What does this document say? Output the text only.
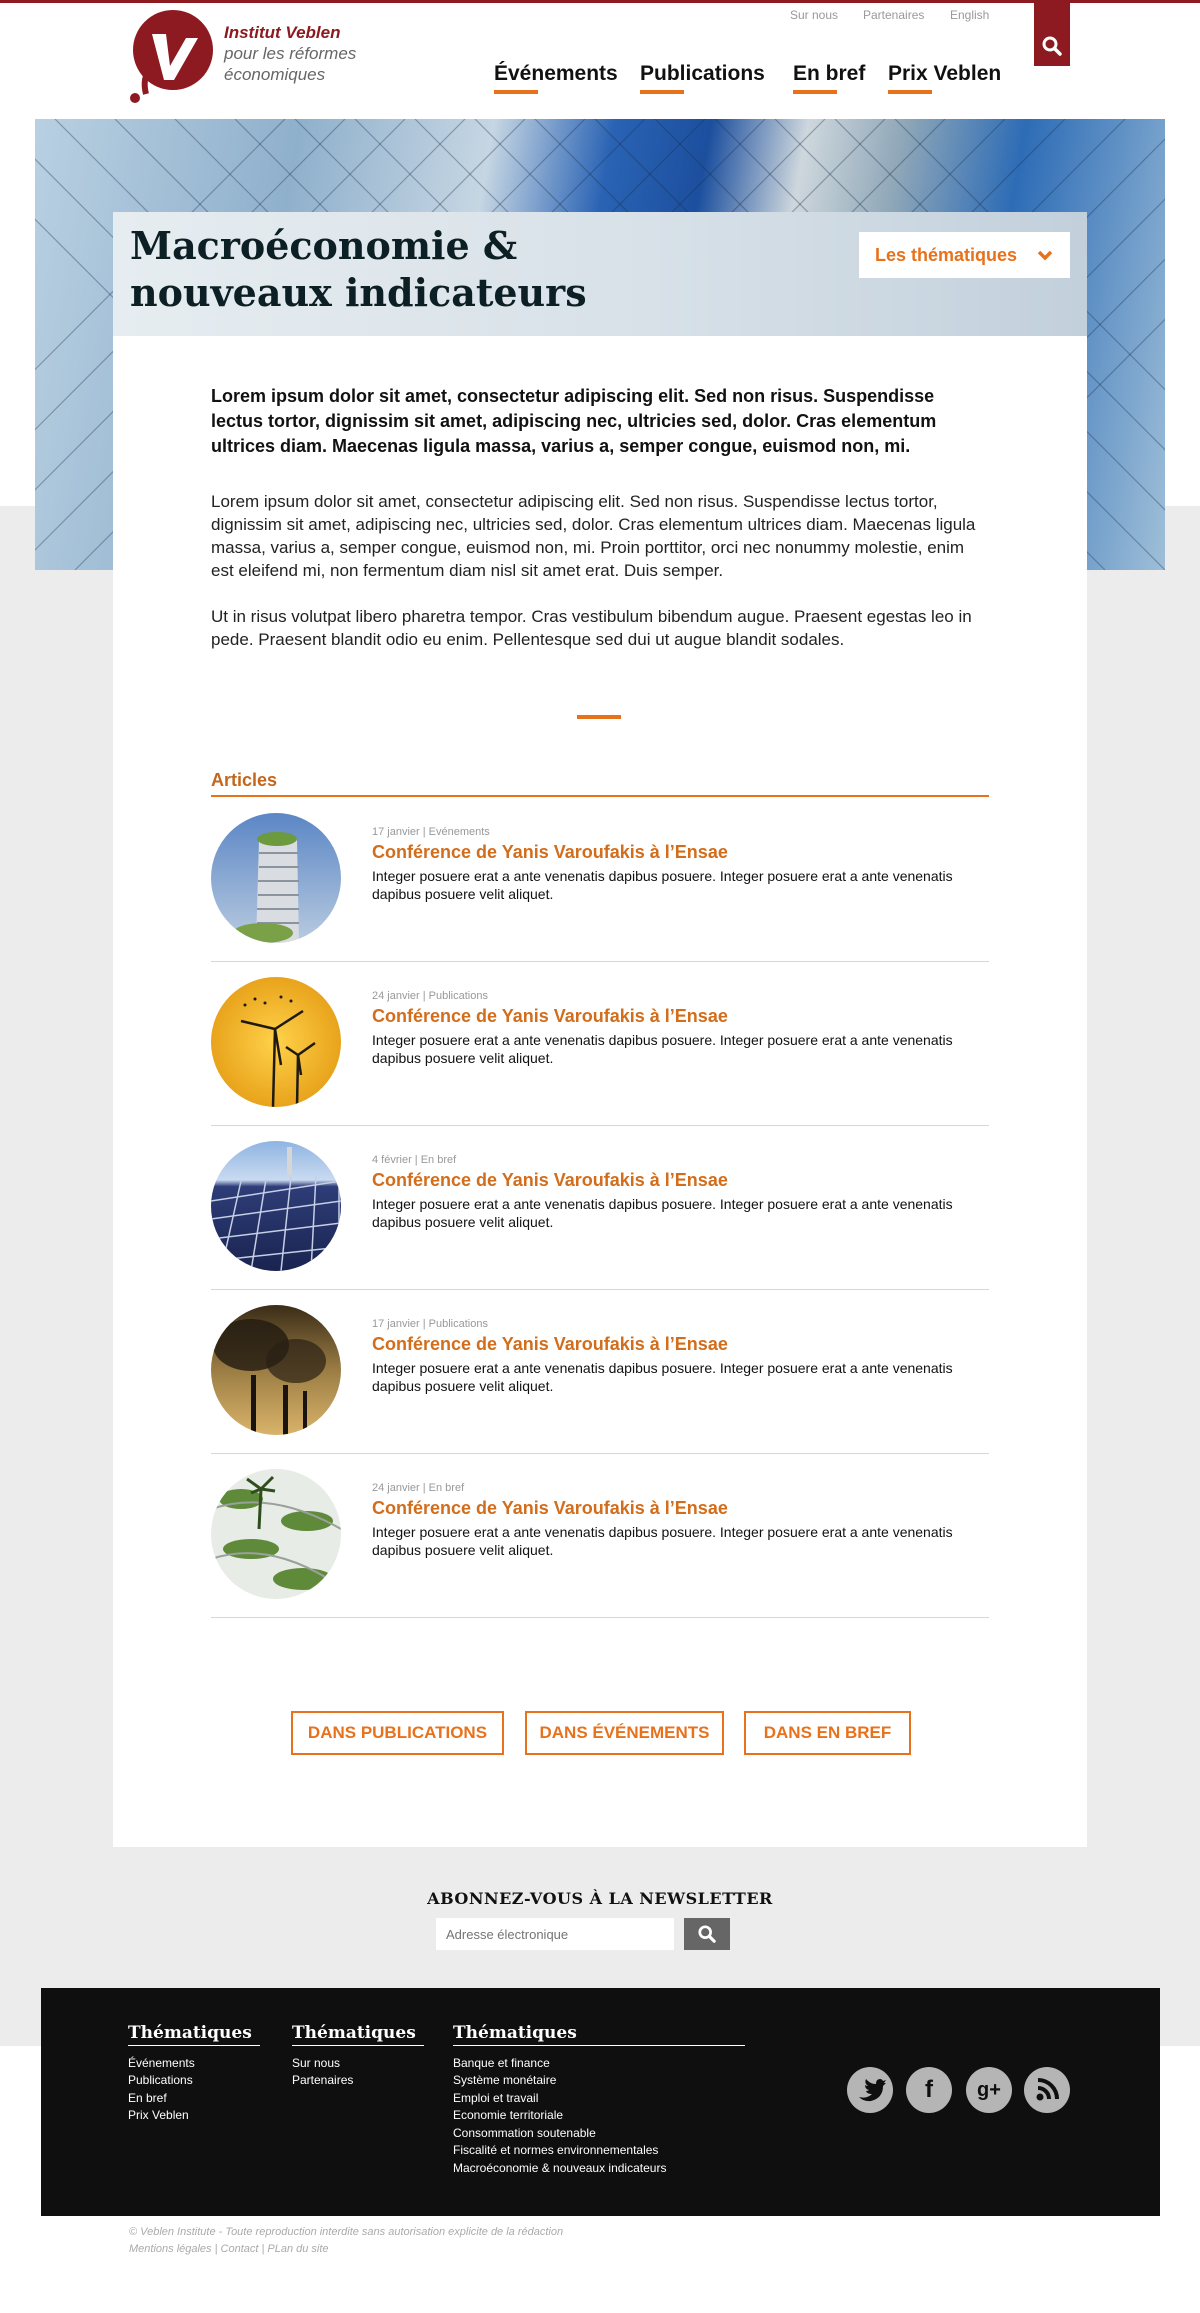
Institut Veblen
pour les réformes
économiques
Sur nous Partenaires English
Événements Publications En bref Prix Veblen
Macroéconomie & nouveaux indicateurs
Les thématiques
Lorem ipsum dolor sit amet, consectetur adipiscing elit. Sed non risus. Suspendisse lectus tortor, dignissim sit amet, adipiscing nec, ultricies sed, dolor. Cras elementum ultrices diam. Maecenas ligula massa, varius a, semper congue, euismod non, mi.
Lorem ipsum dolor sit amet, consectetur adipiscing elit. Sed non risus. Suspendisse lectus tortor, dignissim sit amet, adipiscing nec, ultricies sed, dolor. Cras elementum ultrices diam. Maecenas ligula massa, varius a, semper congue, euismod non, mi. Proin porttitor, orci nec nonummy molestie, enim est eleifend mi, non fermentum diam nisl sit amet erat. Duis semper.
Ut in risus volutpat libero pharetra tempor. Cras vestibulum bibendum augue. Praesent egestas leo in pede. Praesent blandit odio eu enim. Pellentesque sed dui ut augue blandit sodales.
Articles
17 janvier | Evénements
Conférence de Yanis Varoufakis à l’Ensae
Integer posuere erat a ante venenatis dapibus posuere. Integer posuere erat a ante venenatis dapibus posuere velit aliquet.
24 janvier | Publications
Conférence de Yanis Varoufakis à l’Ensae
Integer posuere erat a ante venenatis dapibus posuere. Integer posuere erat a ante venenatis dapibus posuere velit aliquet.
4 février | En bref
Conférence de Yanis Varoufakis à l’Ensae
Integer posuere erat a ante venenatis dapibus posuere. Integer posuere erat a ante venenatis dapibus posuere velit aliquet.
17 janvier | Publications
Conférence de Yanis Varoufakis à l’Ensae
Integer posuere erat a ante venenatis dapibus posuere. Integer posuere erat a ante venenatis dapibus posuere velit aliquet.
24 janvier | En bref
Conférence de Yanis Varoufakis à l’Ensae
Integer posuere erat a ante venenatis dapibus posuere. Integer posuere erat a ante venenatis dapibus posuere velit aliquet.
DANS PUBLICATIONS	DANS ÉVÉNEMENTS	DANS EN BREF
ABONNEZ-VOUS À LA NEWSLETTER
Adresse électronique
Thématiques	Thématiques	Thématiques
Événements
Publications
En bref
Prix Veblen
Sur nous
Partenaires
Banque et finance
Système monétaire
Emploi et travail
Economie territoriale
Consommation soutenable
Fiscalité et normes environnementales
Macroéconomie & nouveaux indicateurs
f	g+
© Veblen Institute - Toute reproduction interdite sans autorisation explicite de la rédaction
Mentions légales | Contact | PLan du site
